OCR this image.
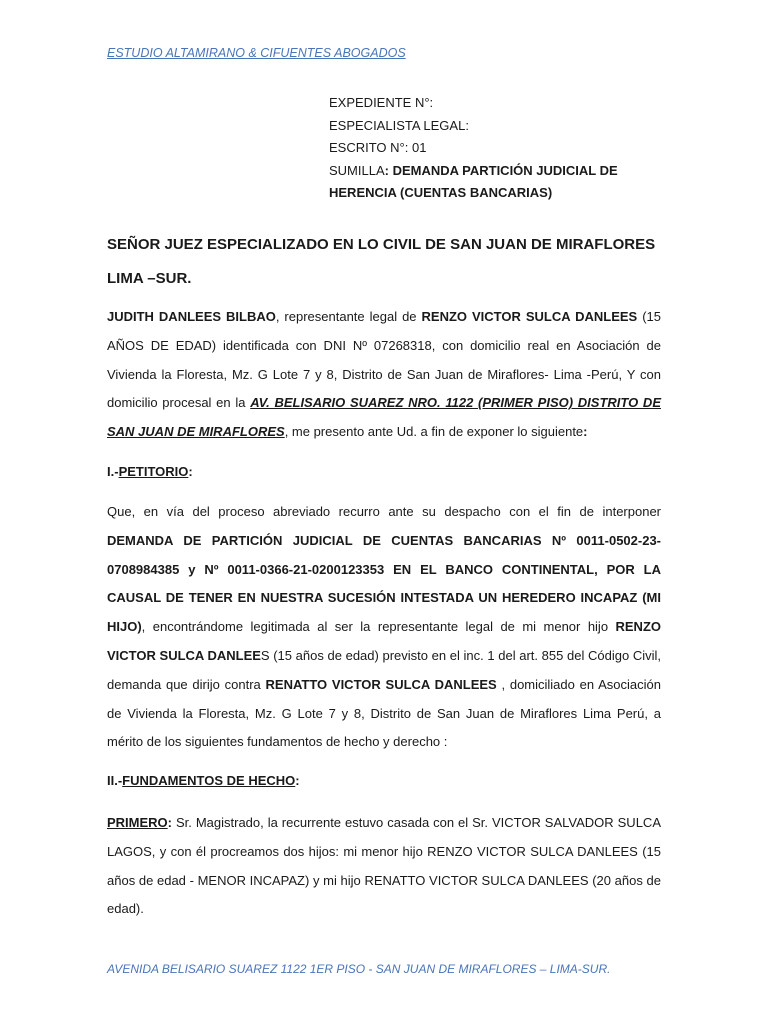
ESTUDIO ALTAMIRANO & CIFUENTES ABOGADOS
EXPEDIENTE N°:
ESPECIALISTA LEGAL:
ESCRITO N°: 01
SUMILLA: DEMANDA PARTICIÓN JUDICIAL DE HERENCIA (CUENTAS BANCARIAS)
SEÑOR JUEZ ESPECIALIZADO EN LO CIVIL DE SAN JUAN DE MIRAFLORES LIMA –SUR.
JUDITH DANLEES BILBAO, representante legal de RENZO VICTOR SULCA DANLEES (15 AÑOS DE EDAD) identificada con DNI Nº 07268318, con domicilio real en Asociación de Vivienda la Floresta, Mz. G Lote 7 y 8, Distrito de San Juan de Miraflores- Lima -Perú, Y con domicilio procesal en la AV. BELISARIO SUAREZ NRO. 1122 (PRIMER PISO) DISTRITO DE SAN JUAN DE MIRAFLORES, me presento ante Ud. a fin de exponer lo siguiente:
I.-PETITORIO:
Que, en vía del proceso abreviado recurro ante su despacho con el fin de interponer DEMANDA DE PARTICIÓN JUDICIAL DE CUENTAS BANCARIAS Nº 0011-0502-23-0708984385 y Nº 0011-0366-21-0200123353 EN EL BANCO CONTINENTAL, POR LA CAUSAL DE TENER EN NUESTRA SUCESIÓN INTESTADA UN HEREDERO INCAPAZ (MI HIJO), encontrándome legitimada al ser la representante legal de mi menor hijo RENZO VICTOR SULCA DANLEES (15 años de edad) previsto en el inc. 1 del art. 855 del Código Civil, demanda que dirijo contra RENATTO VICTOR SULCA DANLEES , domiciliado en Asociación de Vivienda la Floresta, Mz. G Lote 7 y 8, Distrito de San Juan de Miraflores Lima Perú, a mérito de los siguientes fundamentos de hecho y derecho :
II.-FUNDAMENTOS DE HECHO:
PRIMERO: Sr. Magistrado, la recurrente estuvo casada con el Sr. VICTOR SALVADOR SULCA LAGOS, y con él procreamos dos hijos: mi menor hijo RENZO VICTOR SULCA DANLEES (15 años de edad - MENOR INCAPAZ) y mi hijo RENATTO VICTOR SULCA DANLEES (20 años de edad).
AVENIDA BELISARIO SUAREZ 1122 1ER PISO - SAN JUAN DE MIRAFLORES – LIMA-SUR.
